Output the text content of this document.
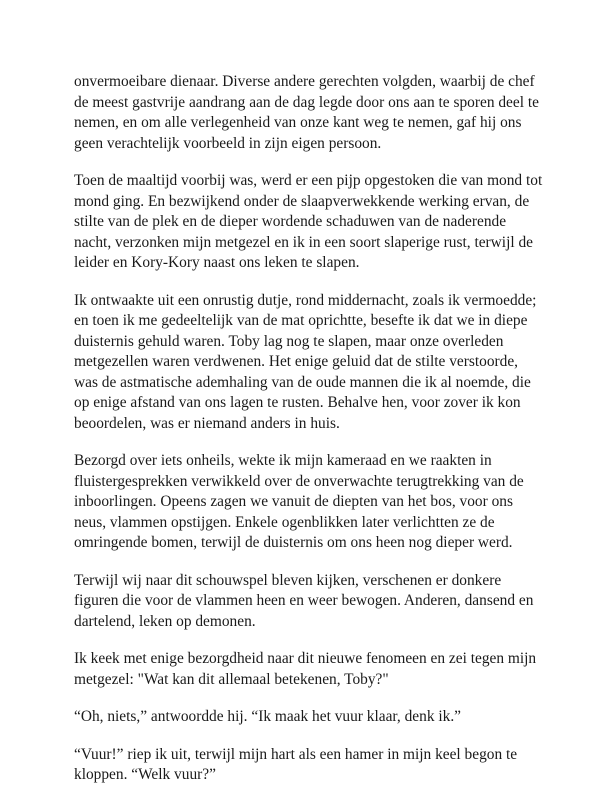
onvermoeibare dienaar. Diverse andere gerechten volgden, waarbij de chef
de meest gastvrije aandrang aan de dag legde door ons aan te sporen deel te
nemen, en om alle verlegenheid van onze kant weg te nemen, gaf hij ons
geen verachtelijk voorbeeld in zijn eigen persoon.

Toen de maaltijd voorbij was, werd er een pijp opgestoken die van mond tot
mond ging. En bezwijkend onder de slaapverwekkende werking ervan, de
stilte van de plek en de dieper wordende schaduwen van de naderende
nacht, verzonken mijn metgezel en ik in een soort slaperige rust, terwijl de
leider en Kory-Kory naast ons leken te slapen.

Ik ontwaakte uit een onrustig dutje, rond middernacht, zoals ik vermoedde;
en toen ik me gedeeltelijk van de mat oprichtte, besefte ik dat we in diepe
duisternis gehuld waren. Toby lag nog te slapen, maar onze overleden
metgezellen waren verdwenen. Het enige geluid dat de stilte verstoorde,
was de astmatische ademhaling van de oude mannen die ik al noemde, die
op enige afstand van ons lagen te rusten. Behalve hen, voor zover ik kon
beoordelen, was er niemand anders in huis.

Bezorgd over iets onheils, wekte ik mijn kameraad en we raakten in
fluistergesprekken verwikkeld over de onverwachte terugtrekking van de
inboorlingen. Opeens zagen we vanuit de diepten van het bos, voor ons
neus, vlammen opstijgen. Enkele ogenblikken later verlichtten ze de
omringende bomen, terwijl de duisternis om ons heen nog dieper werd.

Terwijl wij naar dit schouwspel bleven kijken, verschenen er donkere
figuren die voor de vlammen heen en weer bewogen. Anderen, dansend en
dartelend, leken op demonen.

Ik keek met enige bezorgdheid naar dit nieuwe fenomeen en zei tegen mijn
metgezel: "Wat kan dit allemaal betekenen, Toby?"

“Oh, niets,” antwoordde hij. “Ik maak het vuur klaar, denk ik.”

“Vuur!” riep ik uit, terwijl mijn hart als een hamer in mijn keel begon te
kloppen. “Welk vuur?”
